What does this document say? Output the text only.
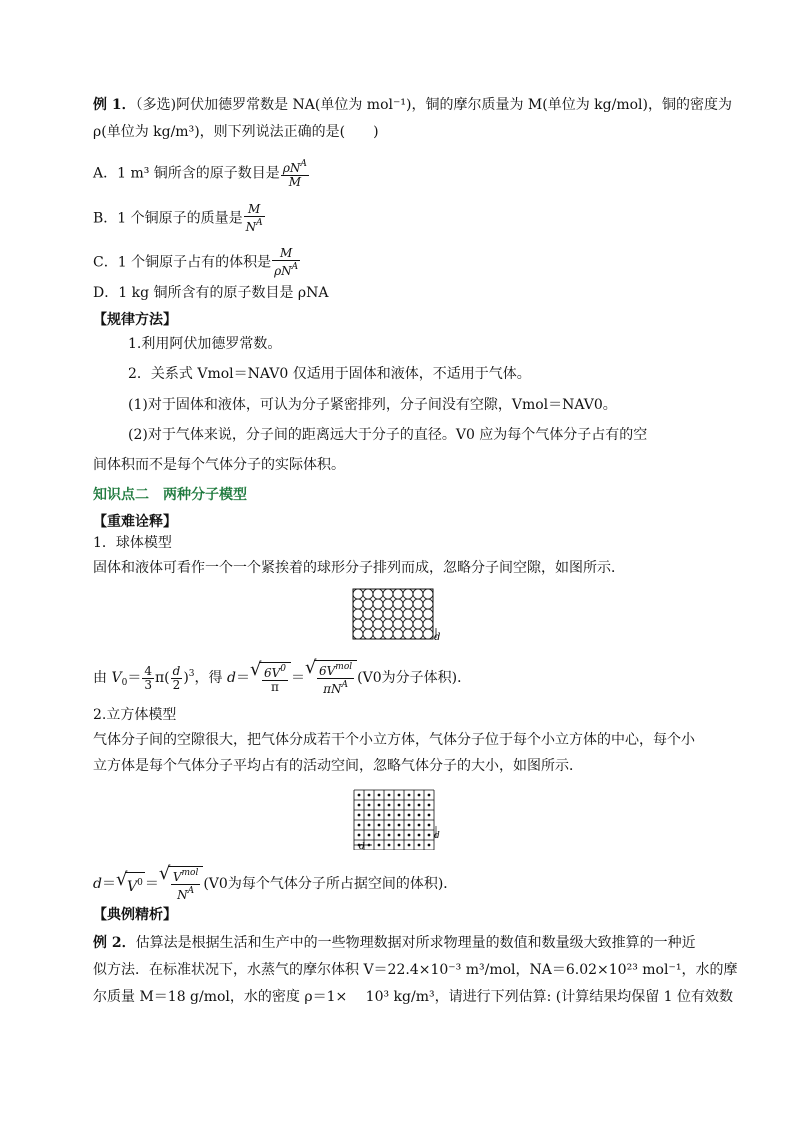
例 1．（多选)阿伏加德罗常数是 NA(单位为 mol⁻¹)，铜的摩尔质量为 M(单位为 kg/mol)，铜的密度为
ρ(单位为 kg/m³)，则下列说法正确的是(　　)
A．1 m³ 铜所含的原子数目是 $\frac{\rho N^A}{M}$
B．1 个铜原子的质量是 $\frac{M}{N^A}$
C．1 个铜原子占有的体积是 $\frac{M}{\rho N^A}$
D．1 kg 铜所含有的原子数目是 ρNA
【规律方法】
1.利用阿伏加德罗常数。
2．关系式 Vmol＝NAV0 仅适用于固体和液体，不适用于气体。
(1)对于固体和液体，可认为分子紧密排列，分子间没有空隙，Vmol＝NAV0。
(2)对于气体来说，分子间的距离远大于分子的直径。V0 应为每个气体分子占有的空
间体积而不是每个气体分子的实际体积。
知识点二　两种分子模型
【重难诠释】
1．球体模型
固体和液体可看作一个一个紧挨着的球形分子排列而成，忽略分子间空隙，如图所示．
d
由 $V_0= \frac{4}{3} \pi( \frac{d}{2} )^3$，得 d＝ √ $\frac{6V^0}{\pi}$ ＝ √ $\frac{6V^{mol}}{\pi N^A} (V0$为分子体积)．
2.立方体模型
气体分子间的空隙很大，把气体分成若干个小立方体，气体分子位于每个小立方体的中心，每个小
立方体是每个气体分子平均占有的活动空间，忽略气体分子的大小，如图所示．
d
d
d＝ √ $V^0$ ＝ √ $\frac{V^{mol}}{N^A} (V0$为每个气体分子所占据空间的体积)．
【典例精析】
例 2．估算法是根据生活和生产中的一些物理数据对所求物理量的数值和数量级大致推算的一种近
似方法．在标准状况下，水蒸气的摩尔体积 V＝22.4×10⁻³ m³/mol，NA＝6.02×10²³ mol⁻¹，水的摩
尔质量 M＝18 g/mol，水的密度 ρ＝1×　 10³ kg/m³，请进行下列估算: (计算结果均保留 1 位有效数
